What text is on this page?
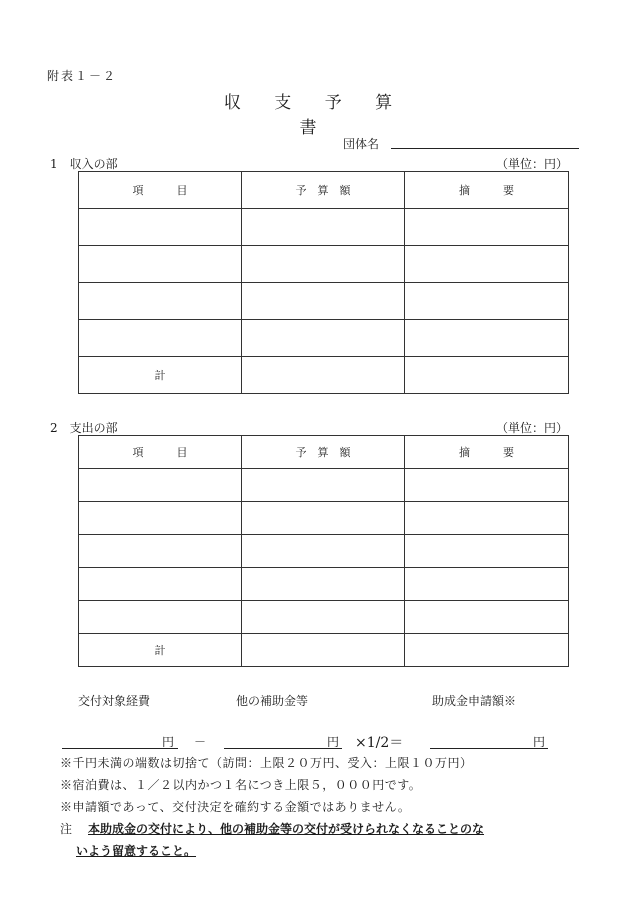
附表１－２
収 支 予 算 書
団体名
1　収入の部	（単位：円）
項　　　目	予　算　額	摘　　　要

計		
2　支出の部	（単位：円）
項　　　目	予　算　額	摘　　　要

計		
交付対象経費	他の補助金等	助成金申請額※
円 －	円 ×1/2＝	円
※千円未満の端数は切捨て（訪問：上限２０万円、受入：上限１０万円）
※宿泊費は、１／２以内かつ１名につき上限５，０００円です。
※申請額であって、交付決定を確約する金額ではありません。
注 本助成金の交付により、他の補助金等の交付が受けられなくなることのな
いよう留意すること。
